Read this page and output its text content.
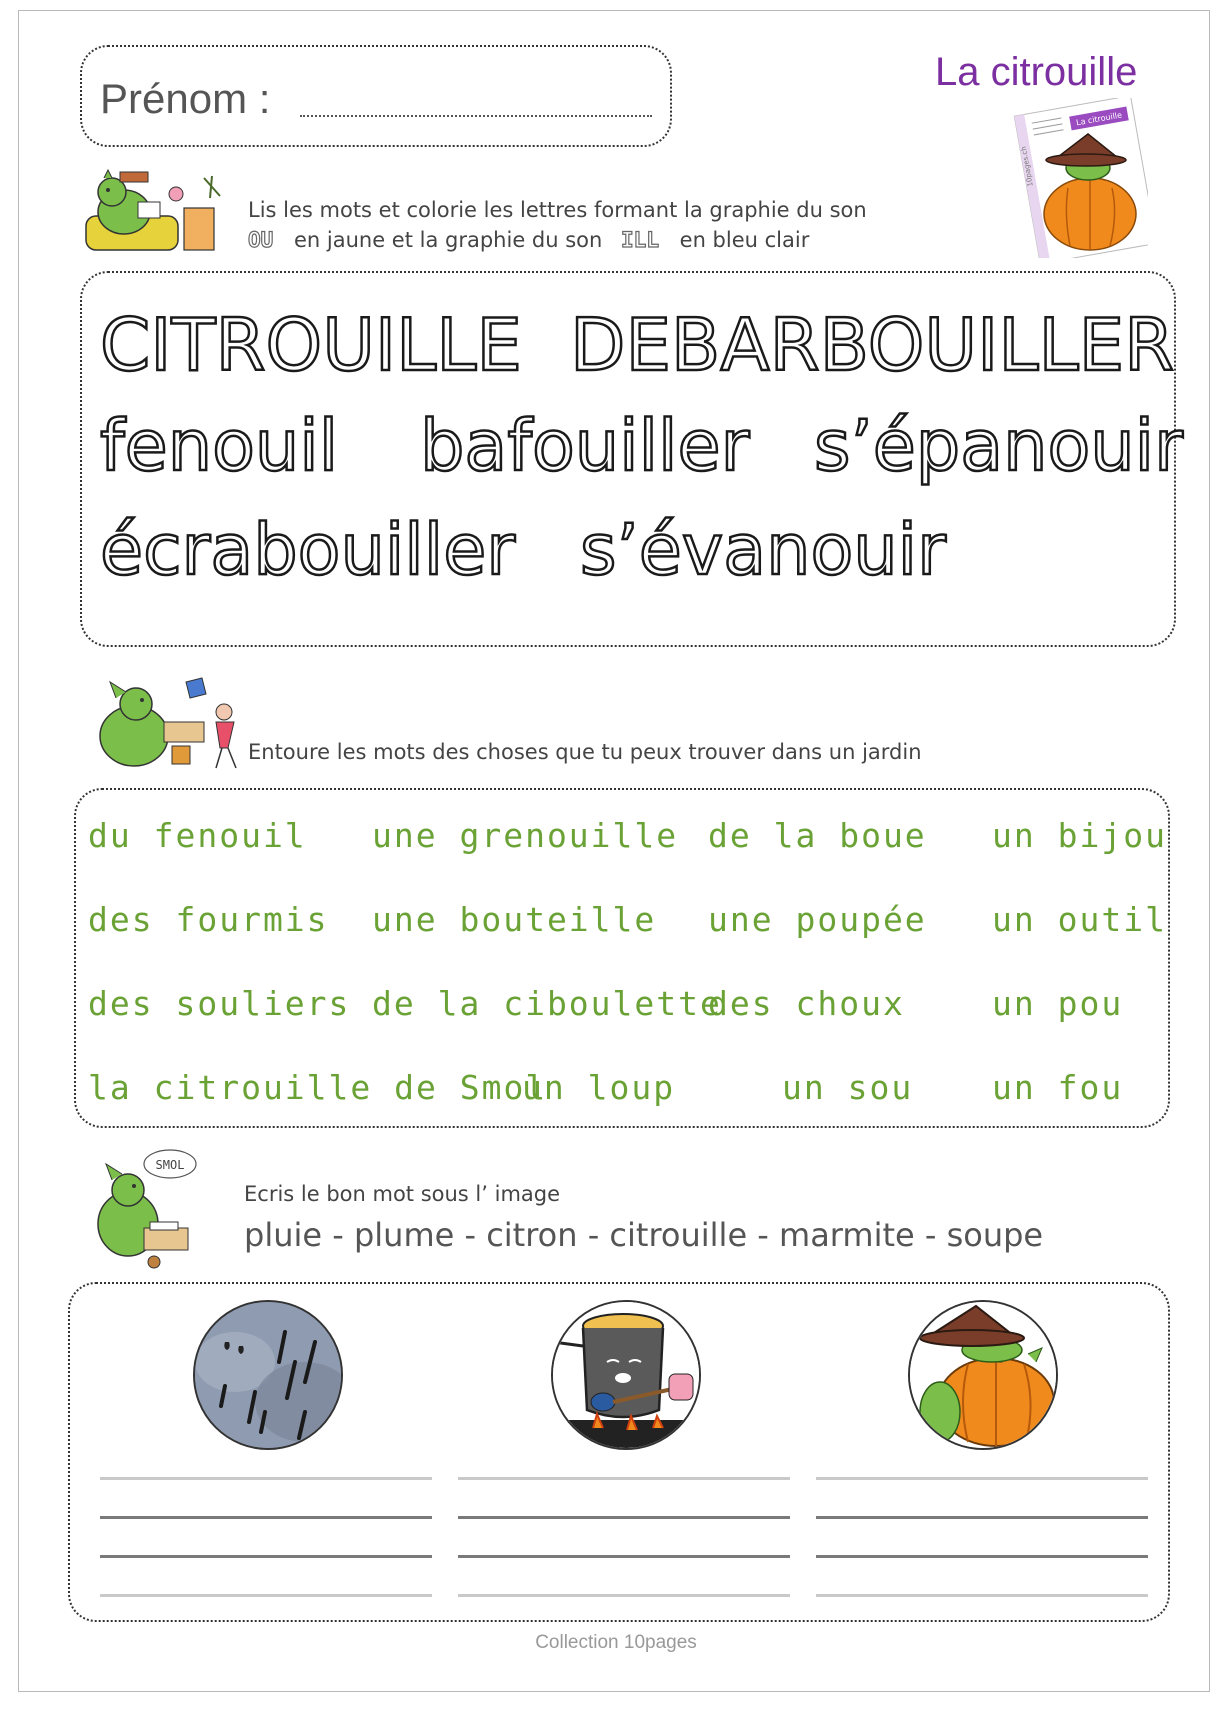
Prénom :
La citrouille
La citrouille
10pages.ch
Lis les mots et colorie les lettres formant la graphie du son
OU en jaune et la graphie du son ILL en bleu clair
CITROUILLE DEBARBOUILLER
fenouil bafouiller s’épanouir
écrabouiller s’évanouir
Entoure les mots des choses que tu peux trouver dans un jardin
du fenouil une grenouille de la boue un bijou
des fourmis une bouteille une poupée un outil
des souliers de la ciboulette
des choux	un pou
la citrouille de Smol
un loup	un sou un fou
SMOL
Ecris le bon mot sous l’ image
pluie - plume - citron - citrouille - marmite - soupe
Collection 10pages
